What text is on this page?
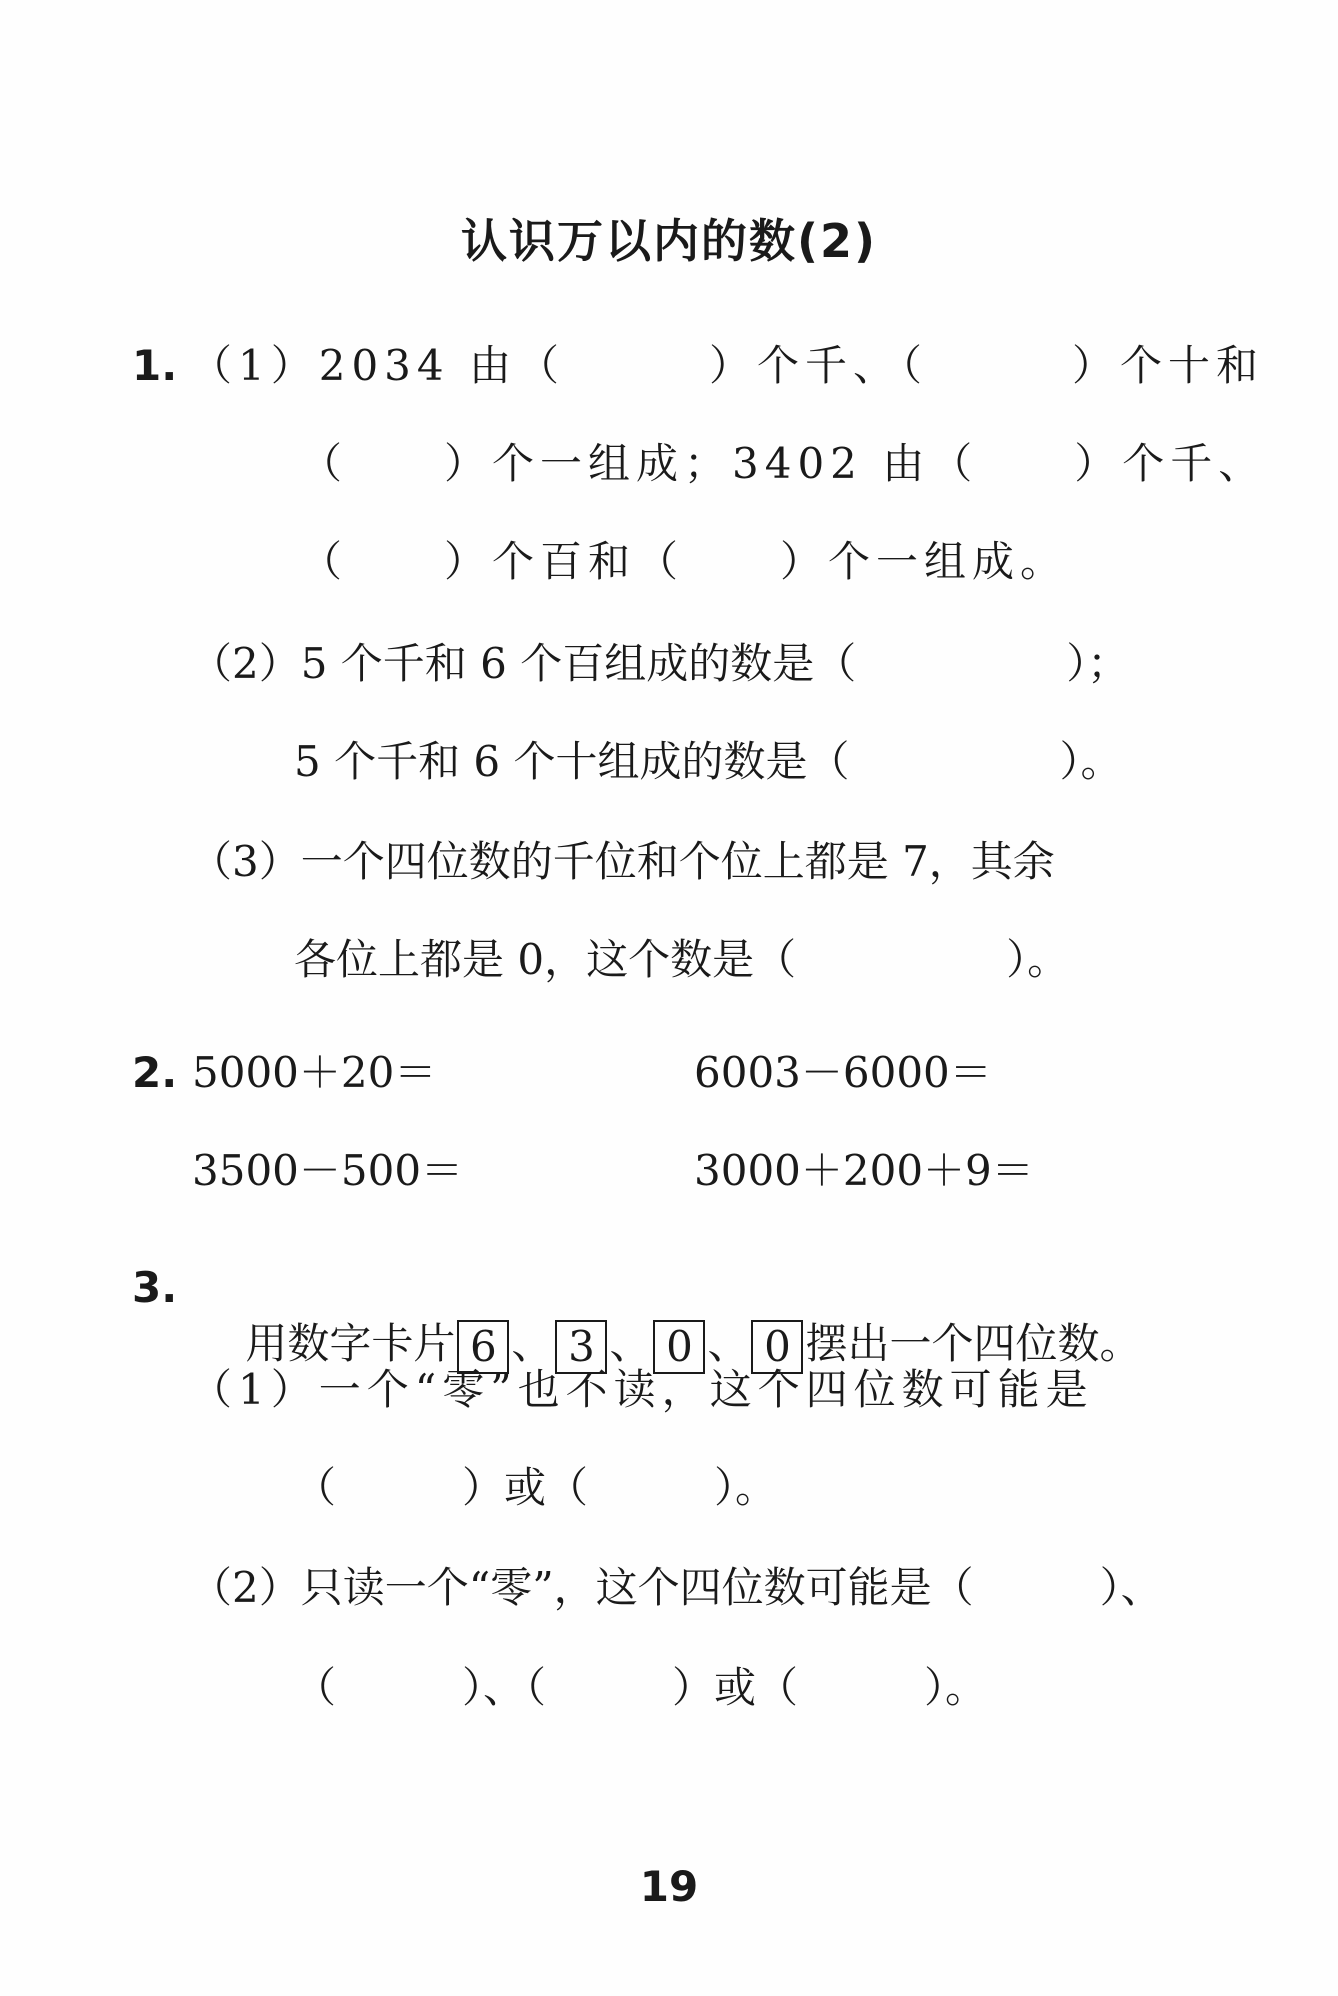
认识万以内的数(2)
1. （1）2034 由（　　　）个千、（　　　）个十和
（　　）个一组成；3402 由（　　）个千、
（　　）个百和（　　）个一组成。
（2）5 个千和 6 个百组成的数是（　　　　　）；
5 个千和 6 个十组成的数是（　　　　　）。
（3）一个四位数的千位和个位上都是 7，其余
各位上都是 0，这个数是（　　　　　）。
2. 5000＋20＝	6003－6000＝
3500－500＝	3000＋200＋9＝
3.

用数字卡片 6 、 3 、 0 、 0 摆出一个四位数。

（1）一个“零”也不读，这个四位数可能是
（　　　）或（　　　）。
（2）只读一个“零”，这个四位数可能是（　　　）、
（　　　）、（　　　）或（　　　）。
19
